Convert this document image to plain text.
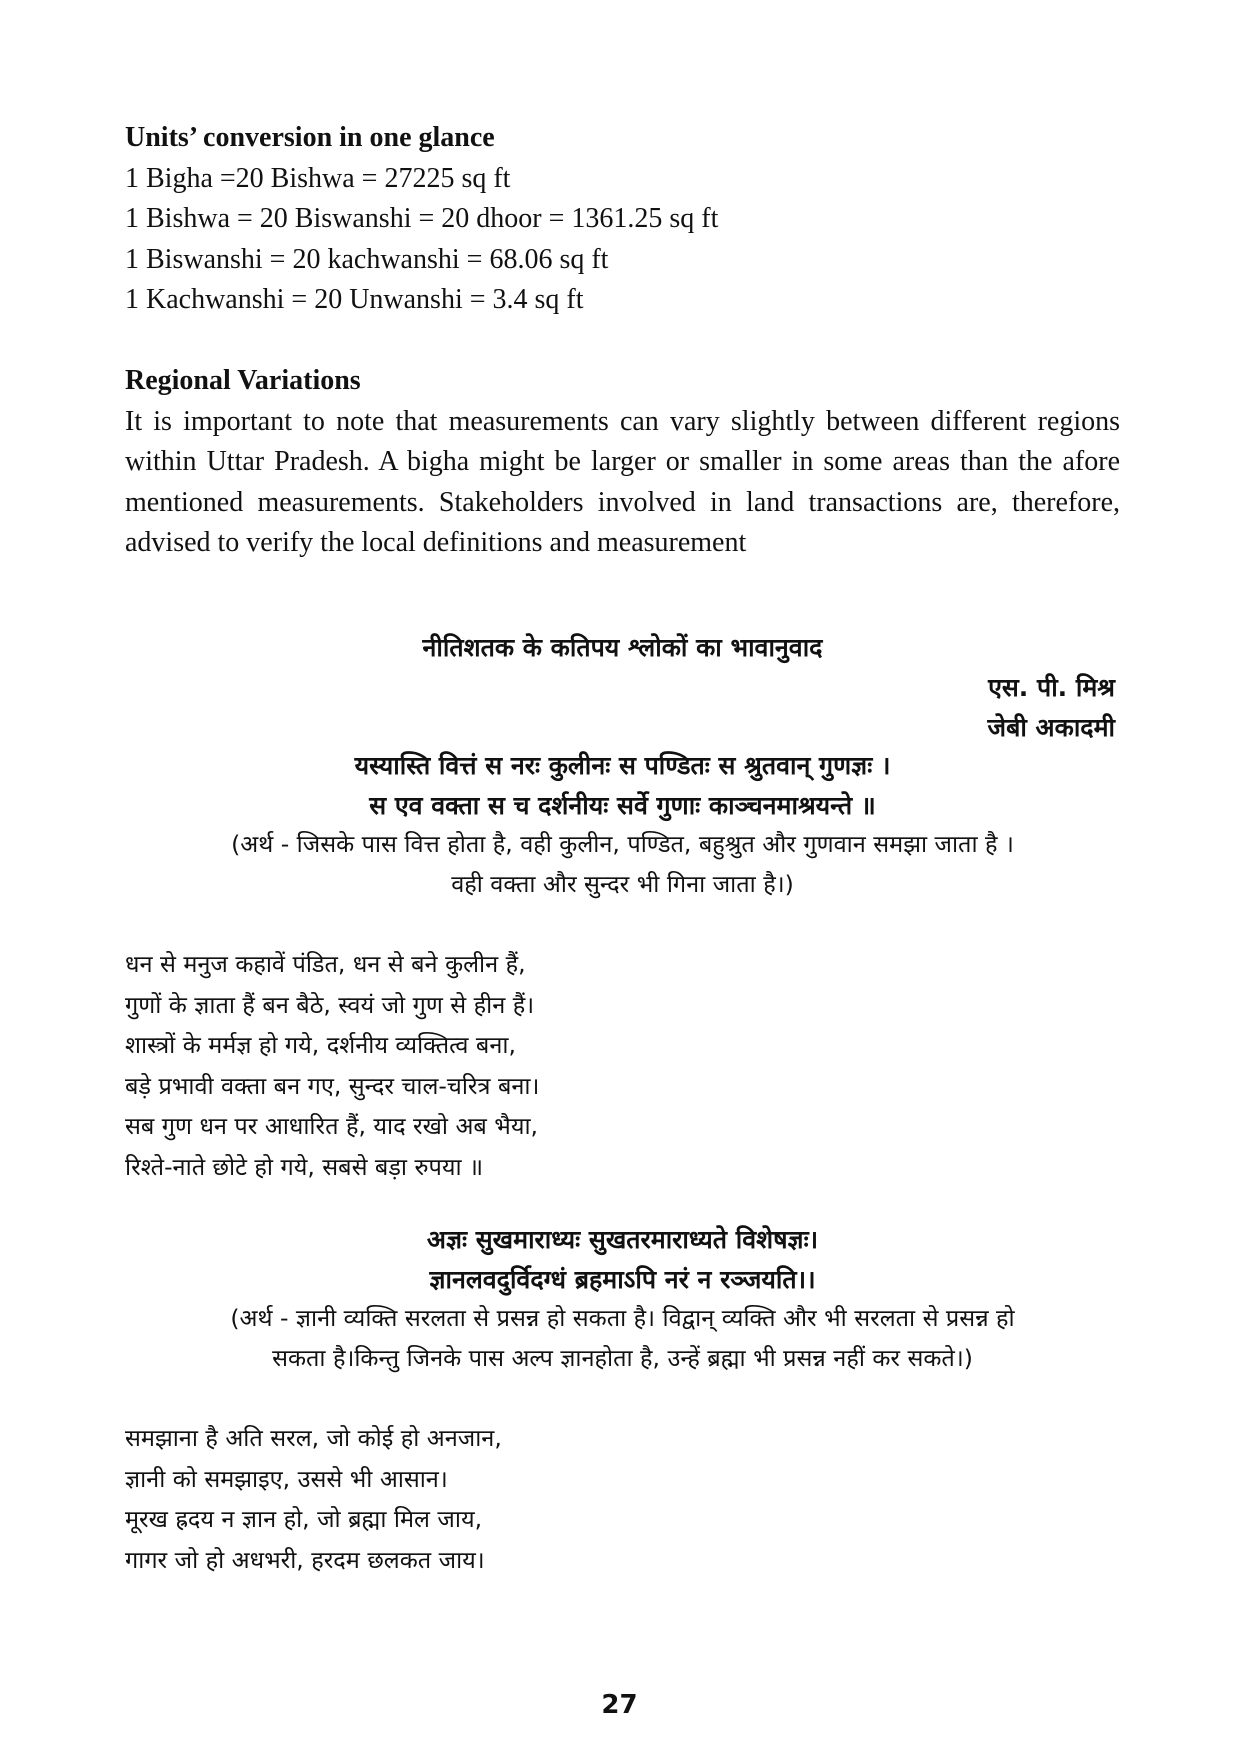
Units’ conversion in one glance
1 Bigha =20 Bishwa = 27225 sq ft
1 Bishwa = 20 Biswanshi = 20 dhoor = 1361.25 sq ft
1 Biswanshi = 20 kachwanshi = 68.06 sq ft
1 Kachwanshi = 20 Unwanshi = 3.4 sq ft
Regional Variations
It is important to note that measurements can vary slightly between different regions within Uttar Pradesh. A bigha might be larger or smaller in some areas than the afore mentioned measurements. Stakeholders involved in land transactions are, therefore, advised to verify the local definitions and measurement
नीतिशतक के कतिपय श्लोकों का भावानुवाद
एस. पी. मिश्र
जेबी अकादमी
यस्यास्ति वित्तं स नरः कुलीनः स पण्डितः स श्रुतवान् गुणज्ञः ।
स एव वक्ता स च दर्शनीयः सर्वे गुणाः काञ्चनमाश्रयन्ते ॥
(अर्थ - जिसके पास वित्त होता है, वही कुलीन, पण्डित, बहुश्रुत और गुणवान समझा जाता है ।
वही वक्ता और सुन्दर भी गिना जाता है।)
धन से मनुज कहावें पंडित, धन से बने कुलीन हैं,
गुणों के ज्ञाता हैं बन बैठे, स्वयं जो गुण से हीन हैं।
शास्त्रों के मर्मज्ञ हो गये, दर्शनीय व्यक्तित्व बना,
बड़े प्रभावी वक्ता बन गए, सुन्दर चाल-चरित्र बना।
सब गुण धन पर आधारित हैं, याद रखो अब भैया,
रिश्ते-नाते छोटे हो गये, सबसे बड़ा रुपया ॥
अज्ञः सुखमाराध्यः सुखतरमाराध्यते विशेषज्ञः।
ज्ञानलवदुर्विदग्धं ब्रहमाऽपि नरं न रञ्जयति।।
(अर्थ - ज्ञानी व्यक्ति सरलता से प्रसन्न हो सकता है। विद्वान् व्यक्ति और भी सरलता से प्रसन्न हो
सकता है।किन्तु जिनके पास अल्प ज्ञानहोता है, उन्हें ब्रह्मा भी प्रसन्न नहीं कर सकते।)
समझाना है अति सरल, जो कोई हो अनजान,
ज्ञानी को समझाइए, उससे भी आसान।
मूरख ह्रदय न ज्ञान हो, जो ब्रह्मा मिल जाय,
गागर जो हो अधभरी, हरदम छलकत जाय।
27
